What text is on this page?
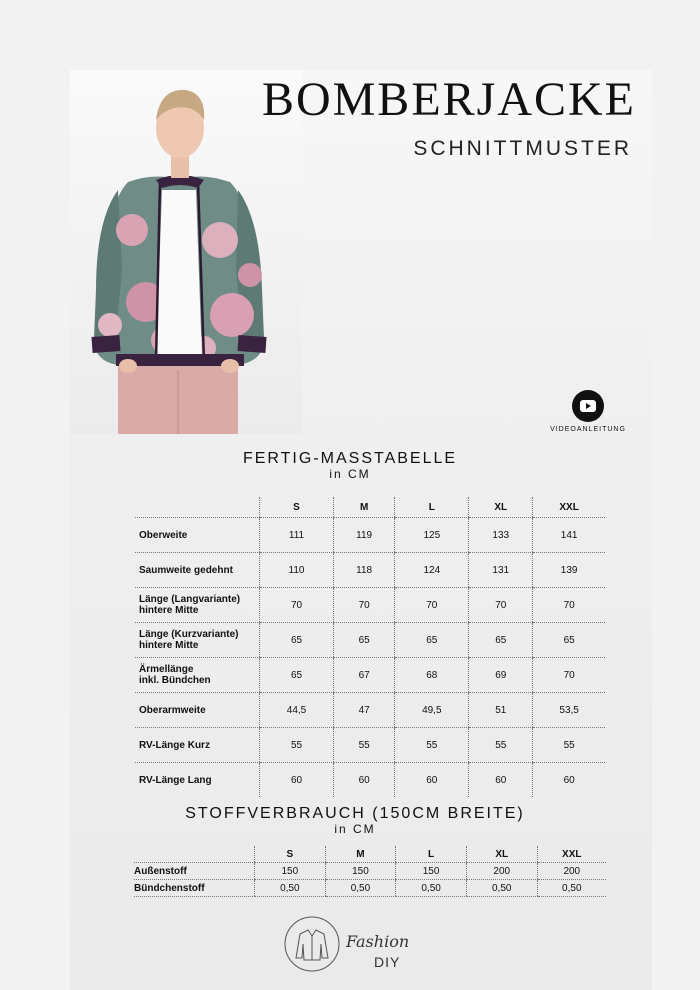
BOMBERJACKE
SCHNITTMUSTER
VIDEOANLEITUNG
FERTIG-MASSTABELLE
in CM
	S	M	L	XL	XXL
Oberweite	111	119	125	133	141
Saumweite gedehnt	110	118	124	131	139
Länge (Langvariante)
hintere Mitte	70	70	70	70	70
Länge (Kurzvariante)
hintere Mitte	65	65	65	65	65
Ärmellänge
inkl. Bündchen	65	67	68	69	70
Oberarmweite	44,5	47	49,5	51	53,5
RV-Länge Kurz	55	55	55	55	55
RV-Länge Lang	60	60	60	60	60
STOFFVERBRAUCH (150CM BREITE)
in CM
	S	M	L	XL	XXL
Außenstoff	150	150	150	200	200
Bündchenstoff	0,50	0,50	0,50	0,50	0,50
Fashion
DIY
